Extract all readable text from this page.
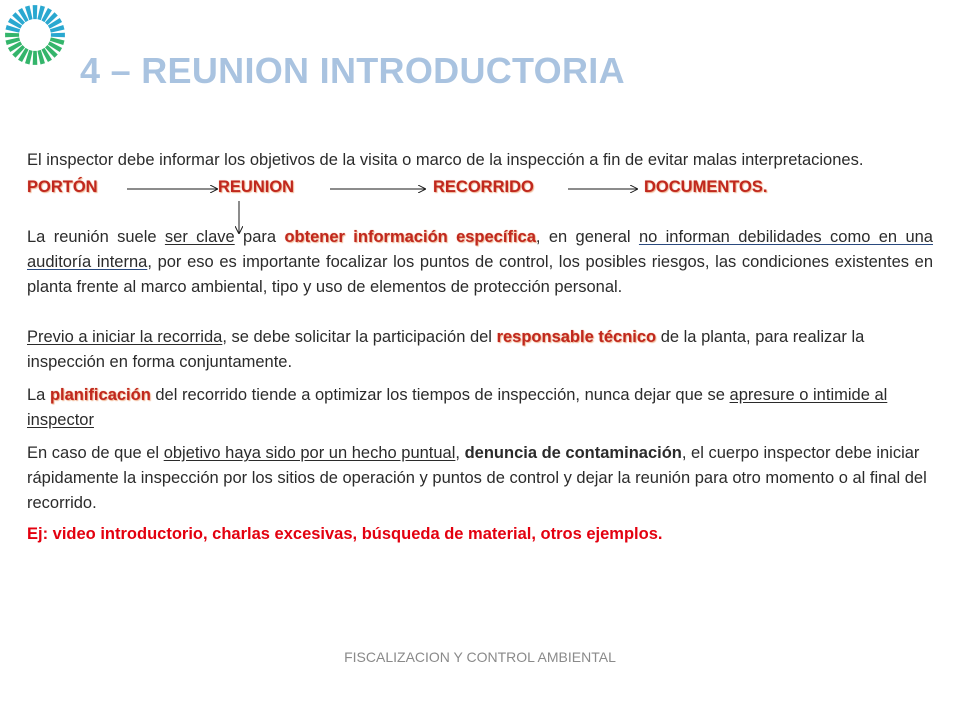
4 – REUNION INTRODUCTORIA

El inspector debe informar los objetivos de la visita o marco de la inspección a fin de evitar malas interpretaciones.

PORTÓN	REUNION	RECORRIDO	DOCUMENTOS.

La reunión suele ser clave para obtener información específica, en general no informan debilidades como en una auditoría interna, por eso es importante focalizar los puntos de control, los posibles riesgos, las condiciones existentes en planta frente al marco ambiental, tipo y uso de elementos de protección personal.

Previo a iniciar la recorrida, se debe solicitar la participación del responsable técnico de la planta, para realizar la inspección en forma conjuntamente.

La planificación del recorrido tiende a optimizar los tiempos de inspección, nunca dejar que se apresure o intimide al inspector

En caso de que el objetivo haya sido por un hecho puntual, denuncia de contaminación, el cuerpo inspector debe iniciar rápidamente la inspección por los sitios de operación y puntos de control y dejar la reunión para otro momento o al final del recorrido.

Ej: video introductorio, charlas excesivas, búsqueda de material, otros ejemplos.

FISCALIZACION Y CONTROL AMBIENTAL
